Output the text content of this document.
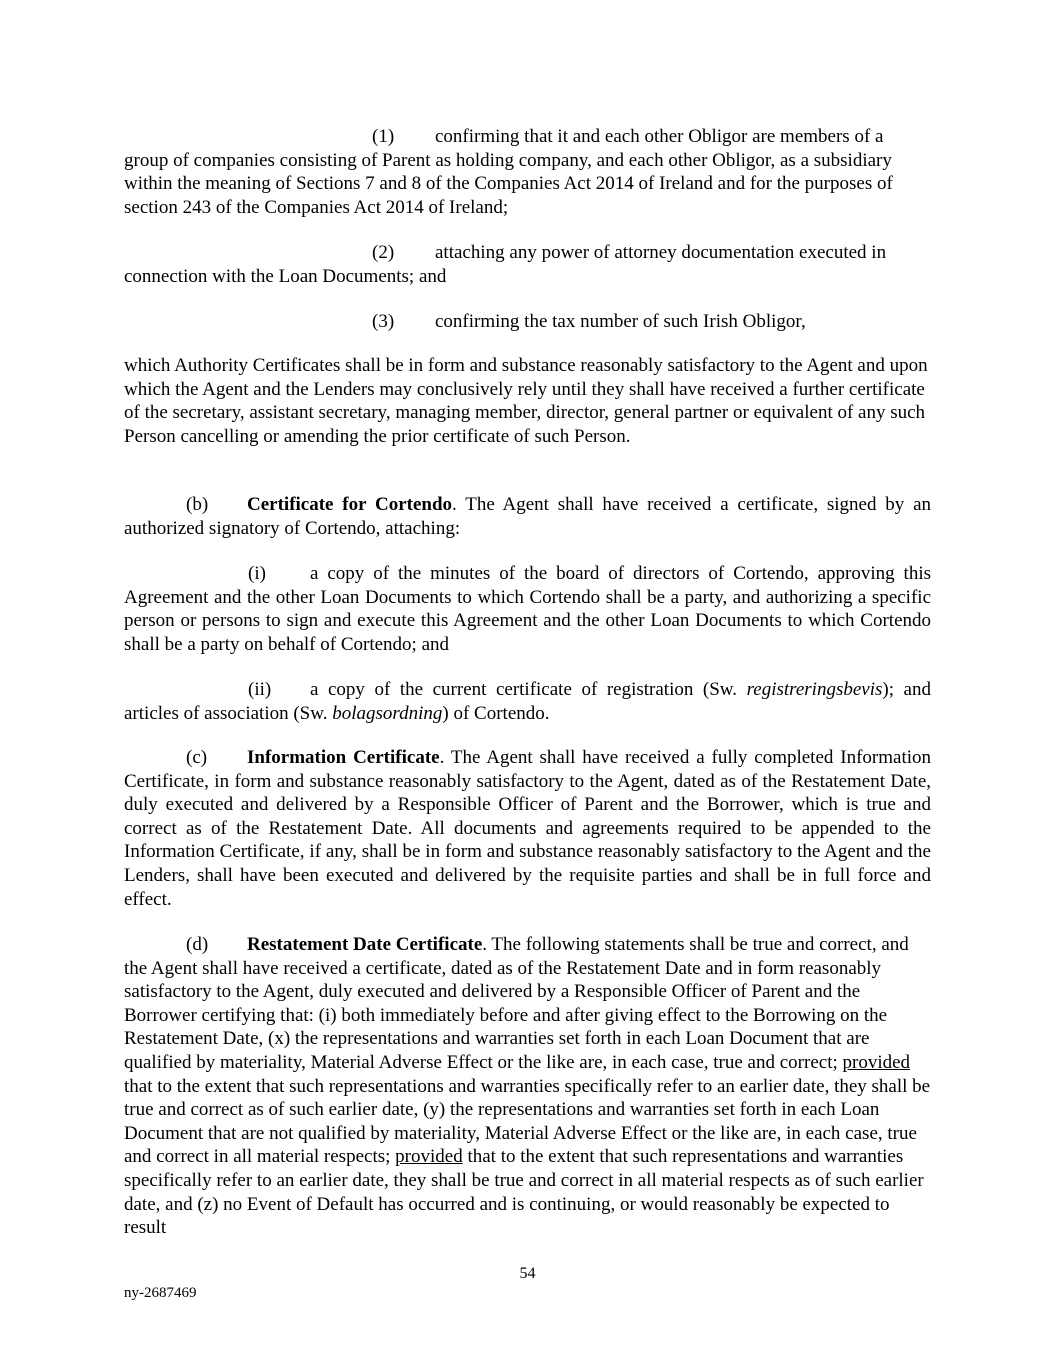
(1) confirming that it and each other Obligor are members of a group of companies consisting of Parent as holding company, and each other Obligor, as a subsidiary within the meaning of Sections 7 and 8 of the Companies Act 2014 of Ireland and for the purposes of section 243 of the Companies Act 2014 of Ireland;

(2) attaching any power of attorney documentation executed in connection with the Loan Documents; and

(3) confirming the tax number of such Irish Obligor,

which Authority Certificates shall be in form and substance reasonably satisfactory to the Agent and upon which the Agent and the Lenders may conclusively rely until they shall have received a further certificate of the secretary, assistant secretary, managing member, director, general partner or equivalent of any such Person cancelling or amending the prior certificate of such Person.

(b) Certificate for Cortendo. The Agent shall have received a certificate, signed by an authorized signatory of Cortendo, attaching:

(i) a copy of the minutes of the board of directors of Cortendo, approving this Agreement and the other Loan Documents to which Cortendo shall be a party, and authorizing a specific person or persons to sign and execute this Agreement and the other Loan Documents to which Cortendo shall be a party on behalf of Cortendo; and

(ii) a copy of the current certificate of registration (Sw. registreringsbevis); and articles of association (Sw. bolagsordning) of Cortendo.

(c) Information Certificate. The Agent shall have received a fully completed Information Certificate, in form and substance reasonably satisfactory to the Agent, dated as of the Restatement Date, duly executed and delivered by a Responsible Officer of Parent and the Borrower, which is true and correct as of the Restatement Date. All documents and agreements required to be appended to the Information Certificate, if any, shall be in form and substance reasonably satisfactory to the Agent and the Lenders, shall have been executed and delivered by the requisite parties and shall be in full force and effect.

(d) Restatement Date Certificate. The following statements shall be true and correct, and the Agent shall have received a certificate, dated as of the Restatement Date and in form reasonably satisfactory to the Agent, duly executed and delivered by a Responsible Officer of Parent and the Borrower certifying that: (i) both immediately before and after giving effect to the Borrowing on the Restatement Date, (x) the representations and warranties set forth in each Loan Document that are qualified by materiality, Material Adverse Effect or the like are, in each case, true and correct; provided that to the extent that such representations and warranties specifically refer to an earlier date, they shall be true and correct as of such earlier date, (y) the representations and warranties set forth in each Loan Document that are not qualified by materiality, Material Adverse Effect or the like are, in each case, true and correct in all material respects; provided that to the extent that such representations and warranties specifically refer to an earlier date, they shall be true and correct in all material respects as of such earlier date, and (z) no Event of Default has occurred and is continuing, or would reasonably be expected to result

54
ny-2687469
